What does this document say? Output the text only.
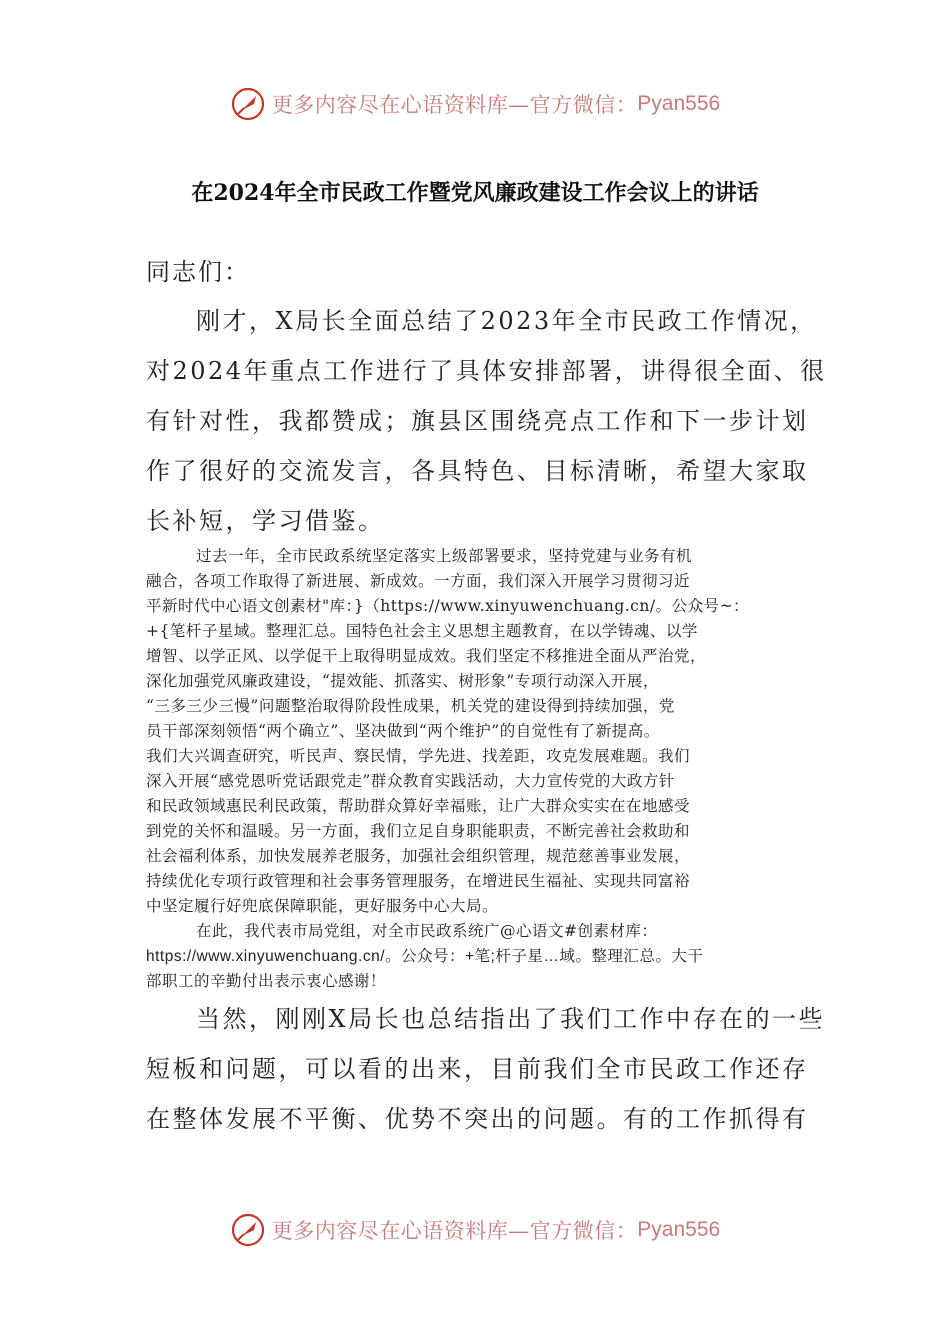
更多内容尽在心语资料库—官方微信： Pyan556
在2024年全市民政工作暨党风廉政建设工作会议上的讲话
同志们：
刚才，X局长全面总结了2023年全市民政工作情况，
对2024年重点工作进行了具体安排部署，讲得很全面、很
有针对性，我都赞成；旗县区围绕亮点工作和下一步计划
作了很好的交流发言，各具特色、目标清晰，希望大家取
长补短，学习借鉴。
过去一年，全市民政系统坚定落实上级部署要求，坚持党建与业务有机
融合，各项工作取得了新进展、新成效。一方面，我们深入开展学习贯彻习近
平新时代中心语文创素材"库：}（https://www.xinyuwenchuang.cn/。公众号~：
+{笔杆子星域。整理汇总。国特色社会主义思想主题教育，在以学铸魂、以学
增智、以学正风、以学促干上取得明显成效。我们坚定不移推进全面从严治党，
深化加强党风廉政建设，“提效能、抓落实、树形象”专项行动深入开展，
“三多三少三慢”问题整治取得阶段性成果，机关党的建设得到持续加强，党
员干部深刻领悟“两个确立”、坚决做到“两个维护”的自觉性有了新提高。
我们大兴调查研究，听民声、察民情，学先进、找差距，攻克发展难题。我们
深入开展“感党恩听党话跟党走”群众教育实践活动，大力宣传党的大政方针
和民政领域惠民利民政策，帮助群众算好幸福账，让广大群众实实在在地感受
到党的关怀和温暖。另一方面，我们立足自身职能职责，不断完善社会救助和
社会福利体系，加快发展养老服务，加强社会组织管理，规范慈善事业发展，
持续优化专项行政管理和社会事务管理服务，在增进民生福祉、实现共同富裕
中坚定履行好兜底保障职能，更好服务中心大局。
在此，我代表市局党组，对全市民政系统广@心语文#创素材库：
https://www.xinyuwenchuang.cn/。公众号：+笔;杆子星…域。整理汇总。大干
部职工的辛勤付出表示衷心感谢！
当然，刚刚X局长也总结指出了我们工作中存在的一些
短板和问题，可以看的出来，目前我们全市民政工作还存
在整体发展不平衡、优势不突出的问题。有的工作抓得有
更多内容尽在心语资料库—官方微信： Pyan556
